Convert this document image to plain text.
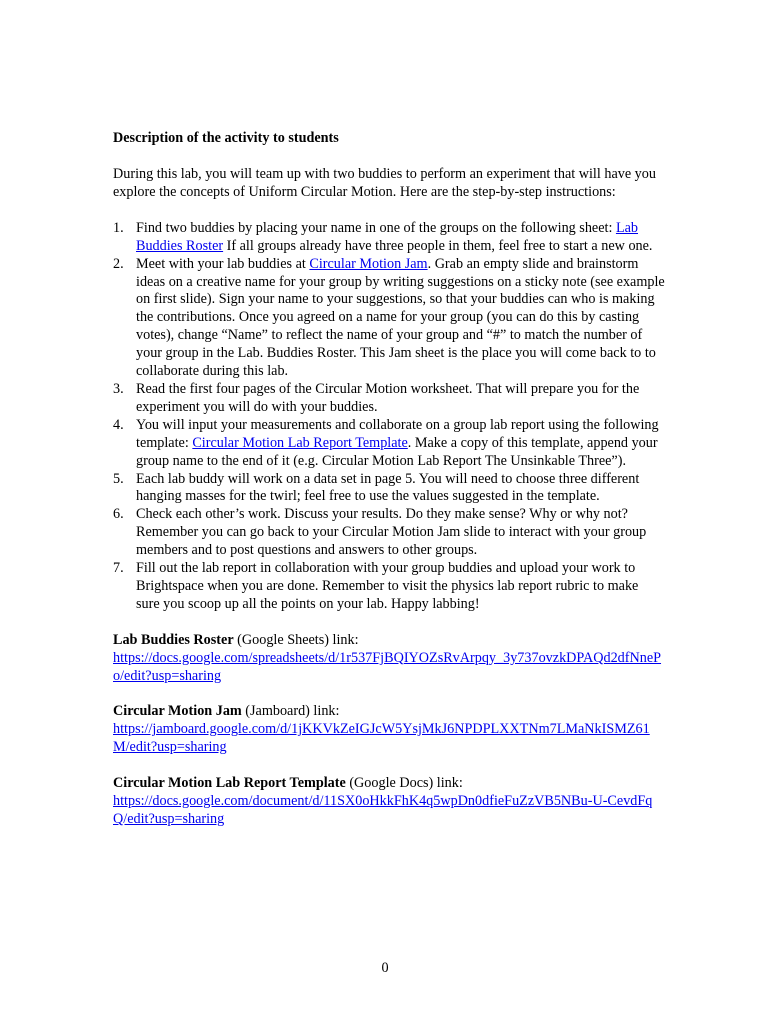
Description of the activity to students

During this lab, you will team up with two buddies to perform an experiment that will have you explore the concepts of Uniform Circular Motion. Here are the step-by-step instructions:

1. Find two buddies by placing your name in one of the groups on the following sheet: Lab Buddies Roster If all groups already have three people in them, feel free to start a new one.
2. Meet with your lab buddies at Circular Motion Jam. Grab an empty slide and brainstorm ideas on a creative name for your group by writing suggestions on a sticky note (see example on first slide). Sign your name to your suggestions, so that your buddies can who is making the contributions. Once you agreed on a name for your group (you can do this by casting votes), change “Name” to reflect the name of your group and “#” to match the number of your group in the Lab. Buddies Roster. This Jam sheet is the place you will come back to to collaborate during this lab.
3. Read the first four pages of the Circular Motion worksheet. That will prepare you for the experiment you will do with your buddies.
4. You will input your measurements and collaborate on a group lab report using the following template: Circular Motion Lab Report Template. Make a copy of this template, append your group name to the end of it (e.g. Circular Motion Lab Report The Unsinkable Three”).
5. Each lab buddy will work on a data set in page 5. You will need to choose three different hanging masses for the twirl; feel free to use the values suggested in the template.
6. Check each other’s work. Discuss your results. Do they make sense? Why or why not? Remember you can go back to your Circular Motion Jam slide to interact with your group members and to post questions and answers to other groups.
7. Fill out the lab report in collaboration with your group buddies and upload your work to Brightspace when you are done. Remember to visit the physics lab report rubric to make sure you scoop up all the points on your lab. Happy labbing!
Lab Buddies Roster (Google Sheets) link:
https://docs.google.com/spreadsheets/d/1r537FjBQIYOZsRvArpqy_3y737ovzkDPAQd2dfNnePo/edit?usp=sharing
Circular Motion Jam (Jamboard) link:
https://jamboard.google.com/d/1jKKVkZeIGJcW5YsjMkJ6NPDPLXXTNm7LMaNkISMZ61M/edit?usp=sharing
Circular Motion Lab Report Template (Google Docs) link:
https://docs.google.com/document/d/11SX0oHkkFhK4q5wpDn0dfieFuZzVB5NBu-U-CevdFqQ/edit?usp=sharing
0
